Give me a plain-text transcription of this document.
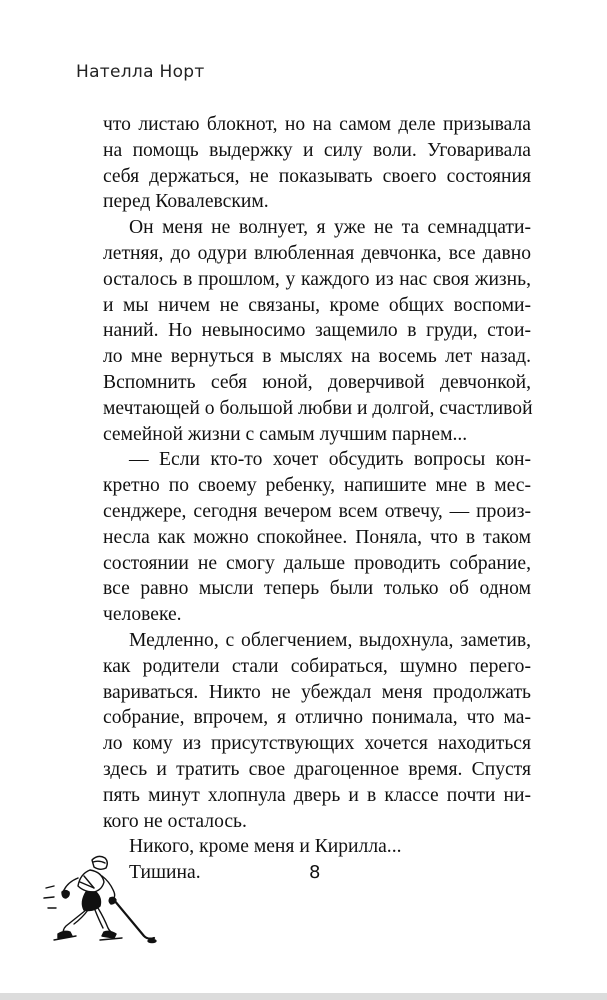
Нателла Норт
что листаю блокнот, но на самом деле призывала
на помощь выдержку и силу воли. Уговаривала
себя держаться, не показывать своего состояния
перед Ковалевским.
Он меня не волнует, я уже не та семнадцати-
летняя, до одури влюбленная девчонка, все давно
осталось в прошлом, у каждого из нас своя жизнь,
и мы ничем не связаны, кроме общих воспоми-
наний. Но невыносимо защемило в груди, стои-
ло мне вернуться в мыслях на восемь лет назад.
Вспомнить себя юной, доверчивой девчонкой,
мечтающей о большой любви и долгой, счастливой
семейной жизни с самым лучшим парнем...
— Если кто-то хочет обсудить вопросы кон-
кретно по своему ребенку, напишите мне в мес-
сенджере, сегодня вечером всем отвечу, — произ-
несла как можно спокойнее. Поняла, что в таком
состоянии не смогу дальше проводить собрание,
все равно мысли теперь были только об одном
человеке.
Медленно, с облегчением, выдохнула, заметив,
как родители стали собираться, шумно перего-
вариваться. Никто не убеждал меня продолжать
собрание, впрочем, я отлично понимала, что ма-
ло кому из присутствующих хочется находиться
здесь и тратить свое драгоценное время. Спустя
пять минут хлопнула дверь и в классе почти ни-
кого не осталось.
Никого, кроме меня и Кирилла...
Тишина.	8
